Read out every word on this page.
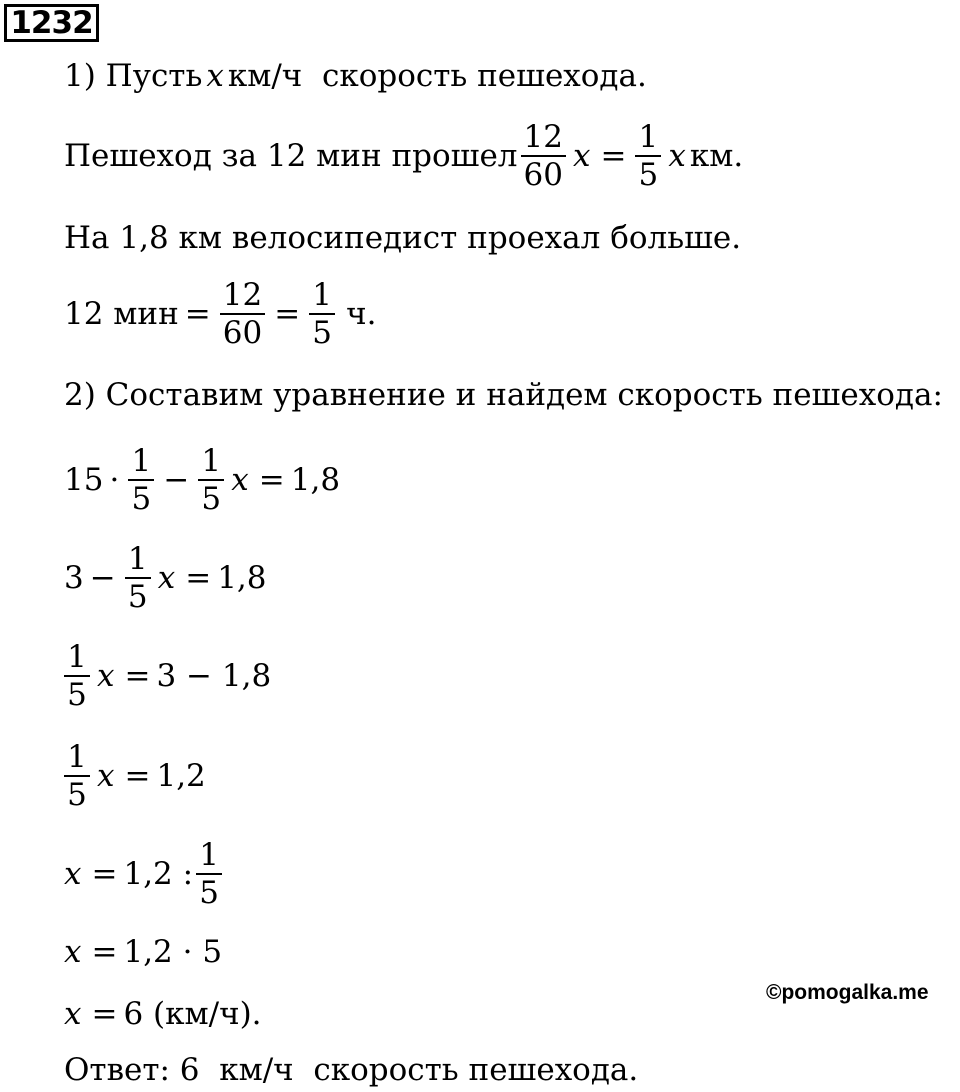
1232
1) Пусть x км/ч  скорость пешехода.
Пешеход за 12 мин прошел $\frac{12}{60}$ $x = \frac{1}{5}$ x км.
На 1,8 км велосипедист проехал больше.
12 мин = $\frac{12}{60} = \frac{1}{5} ч$.
2) Составим уравнение и найдем скорость пешехода:
$15 \cdot \frac{1}{5} - \frac{1}{5}$ x = 1,8
$3 - \frac{1}{5}$ x = 1,8
$\frac{1}{5}$ x = 3 − 1,8
$\frac{1}{5}$ x = 1,2
x = 1,2 : $\frac{1}{5}$
x = 1,2 · 5
x = 6 (км/ч).
Ответ: 6  км/ч  скорость пешехода.
©pomogalka.me
